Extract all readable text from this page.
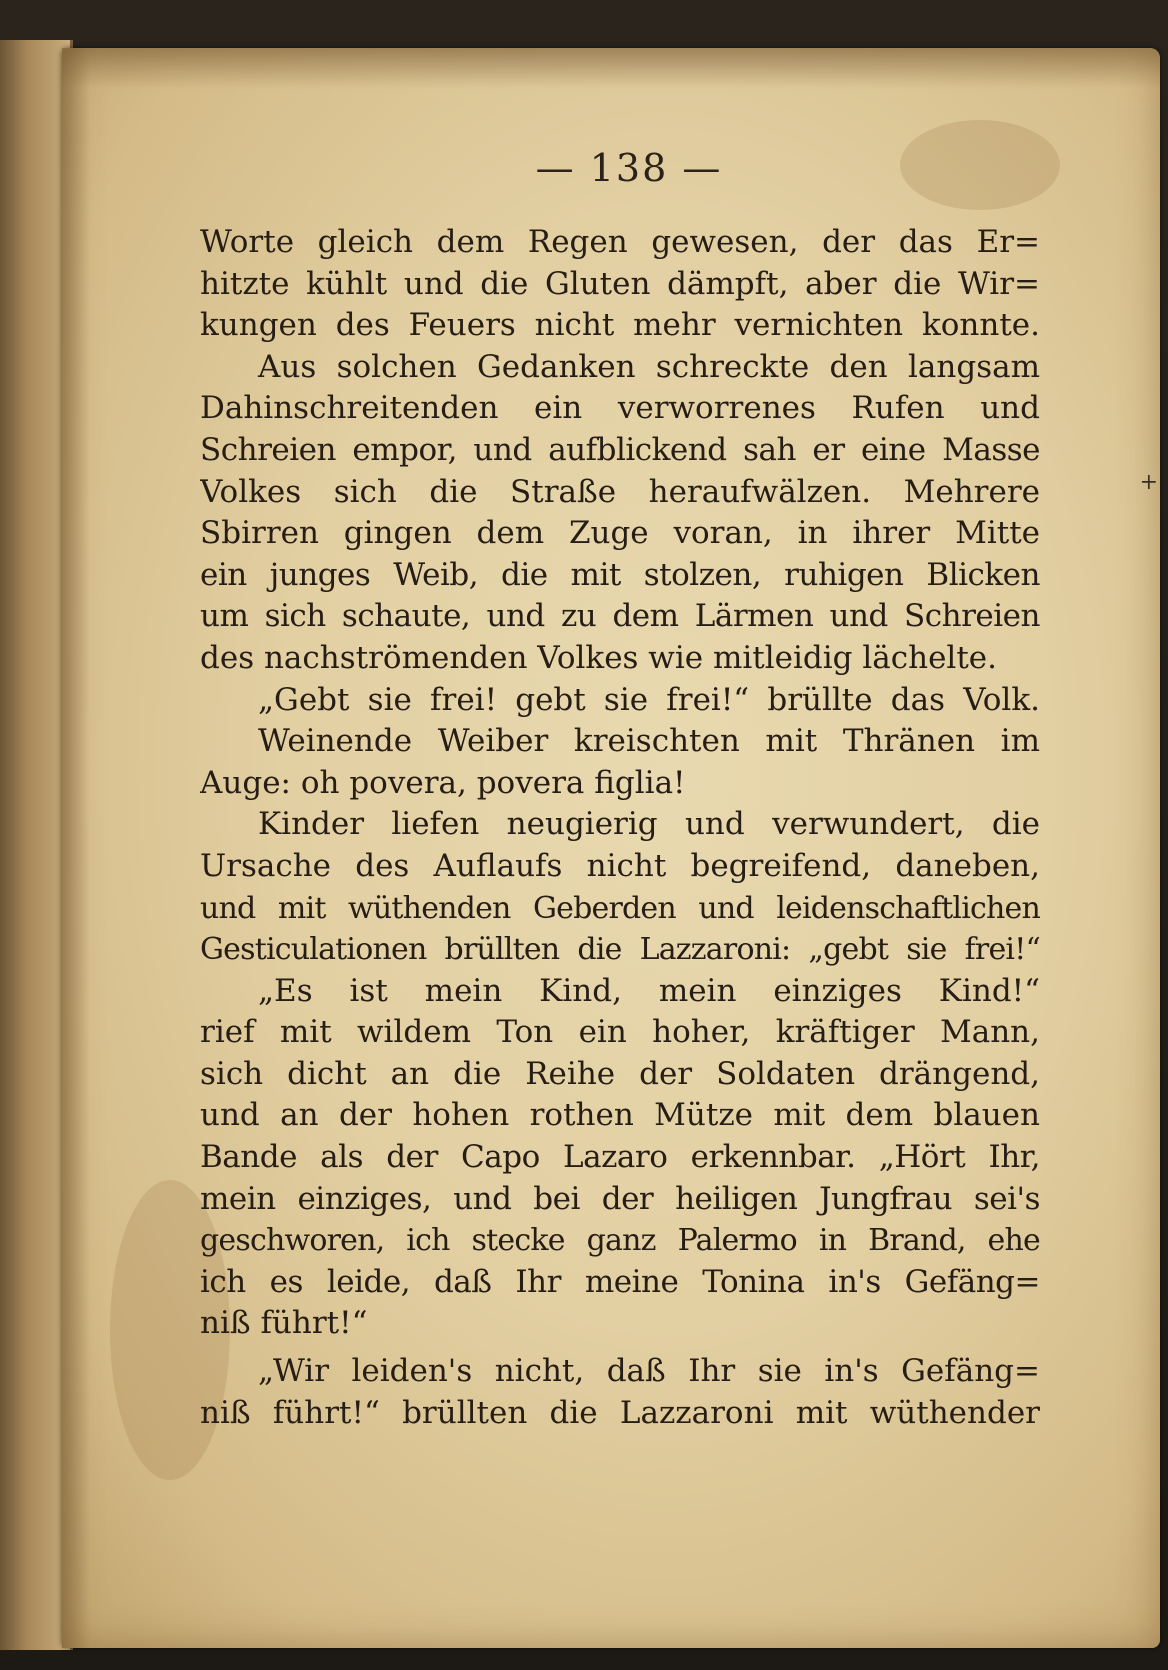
+
— 138 —
Worte gleich dem Regen gewesen, der das Er=
hitzte kühlt und die Gluten dämpft, aber die Wir=
kungen des Feuers nicht mehr vernichten konnte.
Aus solchen Gedanken schreckte den langsam
Dahinschreitenden ein verworrenes Rufen und
Schreien empor, und aufblickend sah er eine Masse
Volkes sich die Straße heraufwälzen. Mehrere
Sbirren gingen dem Zuge voran, in ihrer Mitte
ein junges Weib, die mit stolzen, ruhigen Blicken
um sich schaute, und zu dem Lärmen und Schreien
des nachströmenden Volkes wie mitleidig lächelte.
„Gebt sie frei! gebt sie frei!“ brüllte das Volk.
Weinende Weiber kreischten mit Thränen im
Auge: oh povera, povera figlia!
Kinder liefen neugierig und verwundert, die
Ursache des Auflaufs nicht begreifend, daneben,
und mit wüthenden Geberden und leidenschaftlichen
Gesticulationen brüllten die Lazzaroni: „gebt sie frei!“
„Es ist mein Kind, mein einziges Kind!“
rief mit wildem Ton ein hoher, kräftiger Mann,
sich dicht an die Reihe der Soldaten drängend,
und an der hohen rothen Mütze mit dem blauen
Bande als der Capo Lazaro erkennbar. „Hört Ihr,
mein einziges, und bei der heiligen Jungfrau sei's
geschworen, ich stecke ganz Palermo in Brand, ehe
ich es leide, daß Ihr meine Tonina in's Gefäng=
niß führt!“
„Wir leiden's nicht, daß Ihr sie in's Gefäng=
niß führt!“ brüllten die Lazzaroni mit wüthender
